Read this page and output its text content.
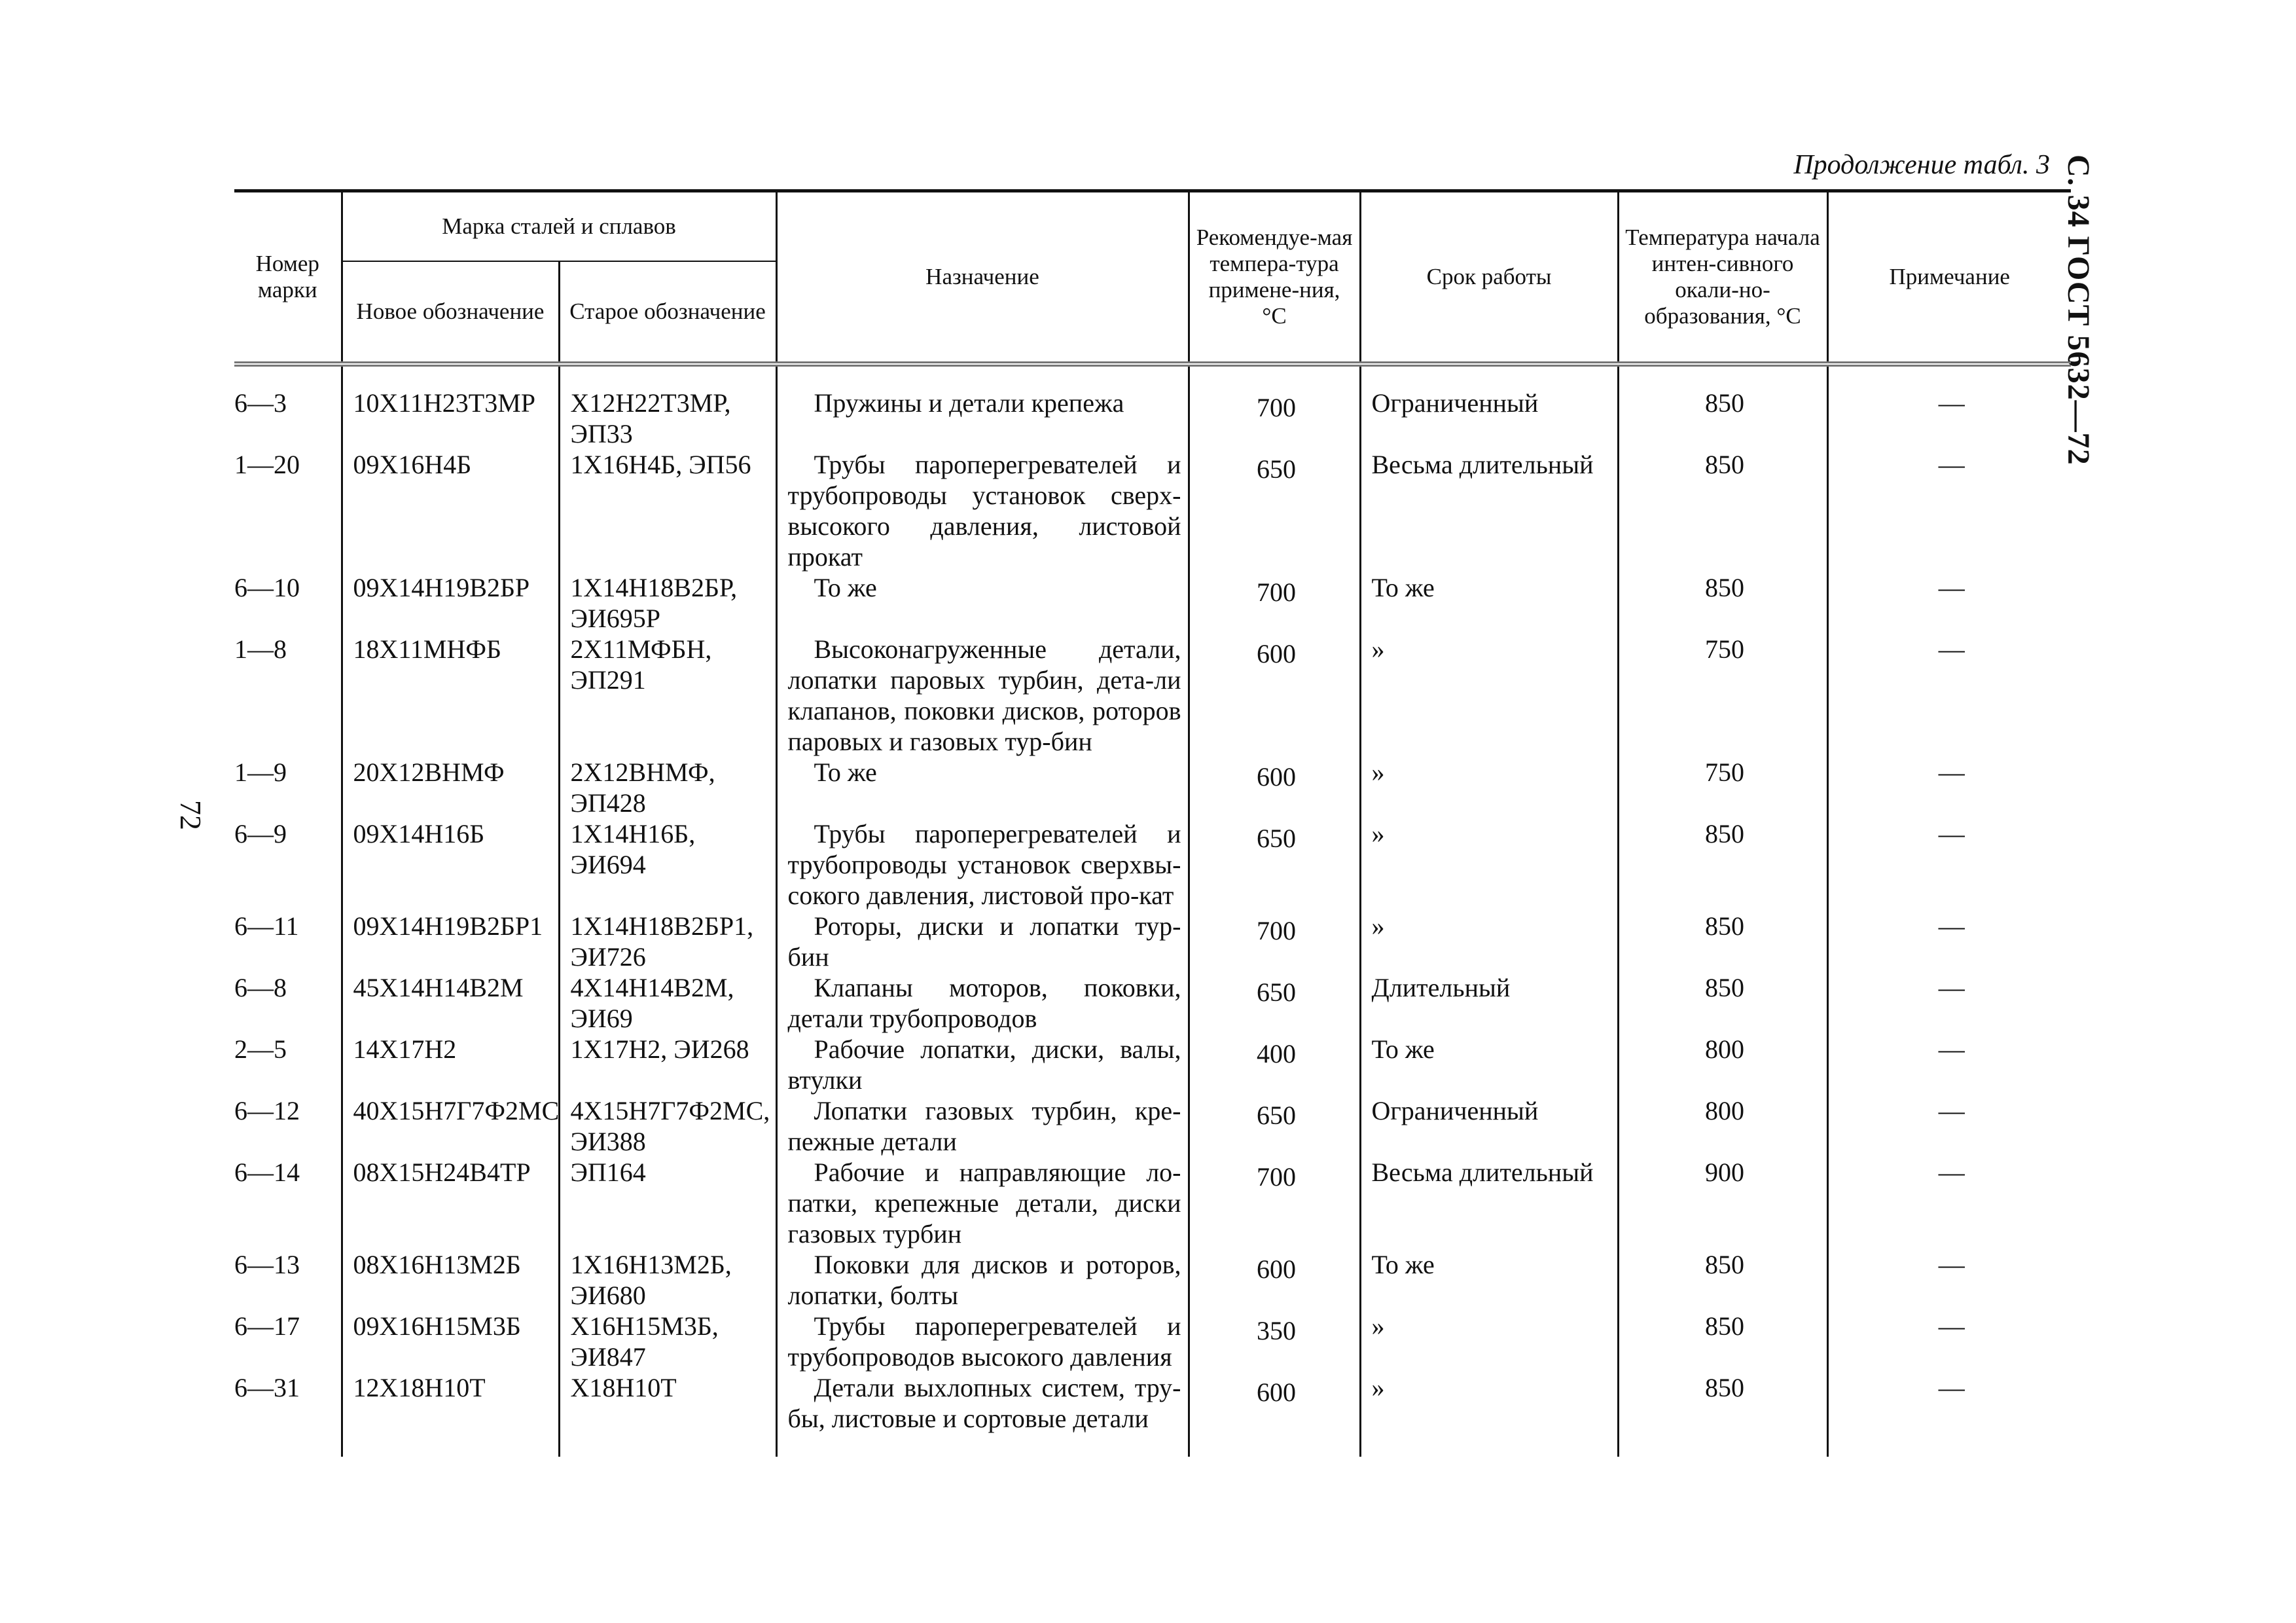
Продолжение табл. 3 С. 34 ГОСТ 5632—72
72
Номер марки	Марка сталей и сплавов		Назначение	Рекомендуе-мая темпера-тура примене-ния, °С	Срок работы	Температура начала интен-сивного окали-но-образования, °С	Примечание
	Новое обозначение	Старое обозначение					
6—3	10Х11Н23Т3МР	Х12Н22Т3МР, ЭП33	Пружины и детали крепежа	700	Ограниченный	850	—
1—20	09Х16Н4Б	1Х16Н4Б, ЭП56	Трубы пароперегревателей и трубопроводы установок сверх-высокого давления, листовой прокат	650	Весьма длительный	850	—
6—10	09Х14Н19В2БР	1Х14Н18В2БР, ЭИ695Р	То же	700	То же	850	—
1—8	18Х11МНФБ	2Х11МФБН, ЭП291	Высоконагруженные детали, лопатки паровых турбин, дета-ли клапанов, поковки дисков, роторов паровых и газовых тур-бин	600	»	750	—
1—9	20Х12ВНМФ	2Х12ВНМФ, ЭП428	То же	600	»	750	—
6—9	09Х14Н16Б	1Х14Н16Б, ЭИ694	Трубы пароперегревателей и трубопроводы установок сверхвы-сокого давления, листовой про-кат	650	»	850	—
6—11	09Х14Н19В2БР1	1Х14Н18В2БР1, ЭИ726	Роторы, диски и лопатки тур-бин	700	»	850	—
6—8	45Х14Н14В2М	4Х14Н14В2М, ЭИ69	Клапаны моторов, поковки, детали трубопроводов	650	Длительный	850	—
2—5	14Х17Н2	1Х17Н2, ЭИ268	Рабочие лопатки, диски, валы, втулки	400	То же	800	—
6—12	40Х15Н7Г7Ф2МС	4Х15Н7Г7Ф2МС, ЭИ388	Лопатки газовых турбин, кре-пежные детали	650	Ограниченный	800	—
6—14	08Х15Н24В4ТР	ЭП164	Рабочие и направляющие ло-патки, крепежные детали, диски газовых турбин	700	Весьма длительный	900	—
6—13	08Х16Н13М2Б	1Х16Н13М2Б, ЭИ680	Поковки для дисков и роторов, лопатки, болты	600	То же	850	—
6—17	09Х16Н15М3Б	Х16Н15М3Б, ЭИ847	Трубы пароперегревателей и трубопроводов высокого давления	350	»	850	—
6—31	12Х18Н10Т	Х18Н10Т	Детали выхлопных систем, тру-бы, листовые и сортовые детали	600	»	850	—
